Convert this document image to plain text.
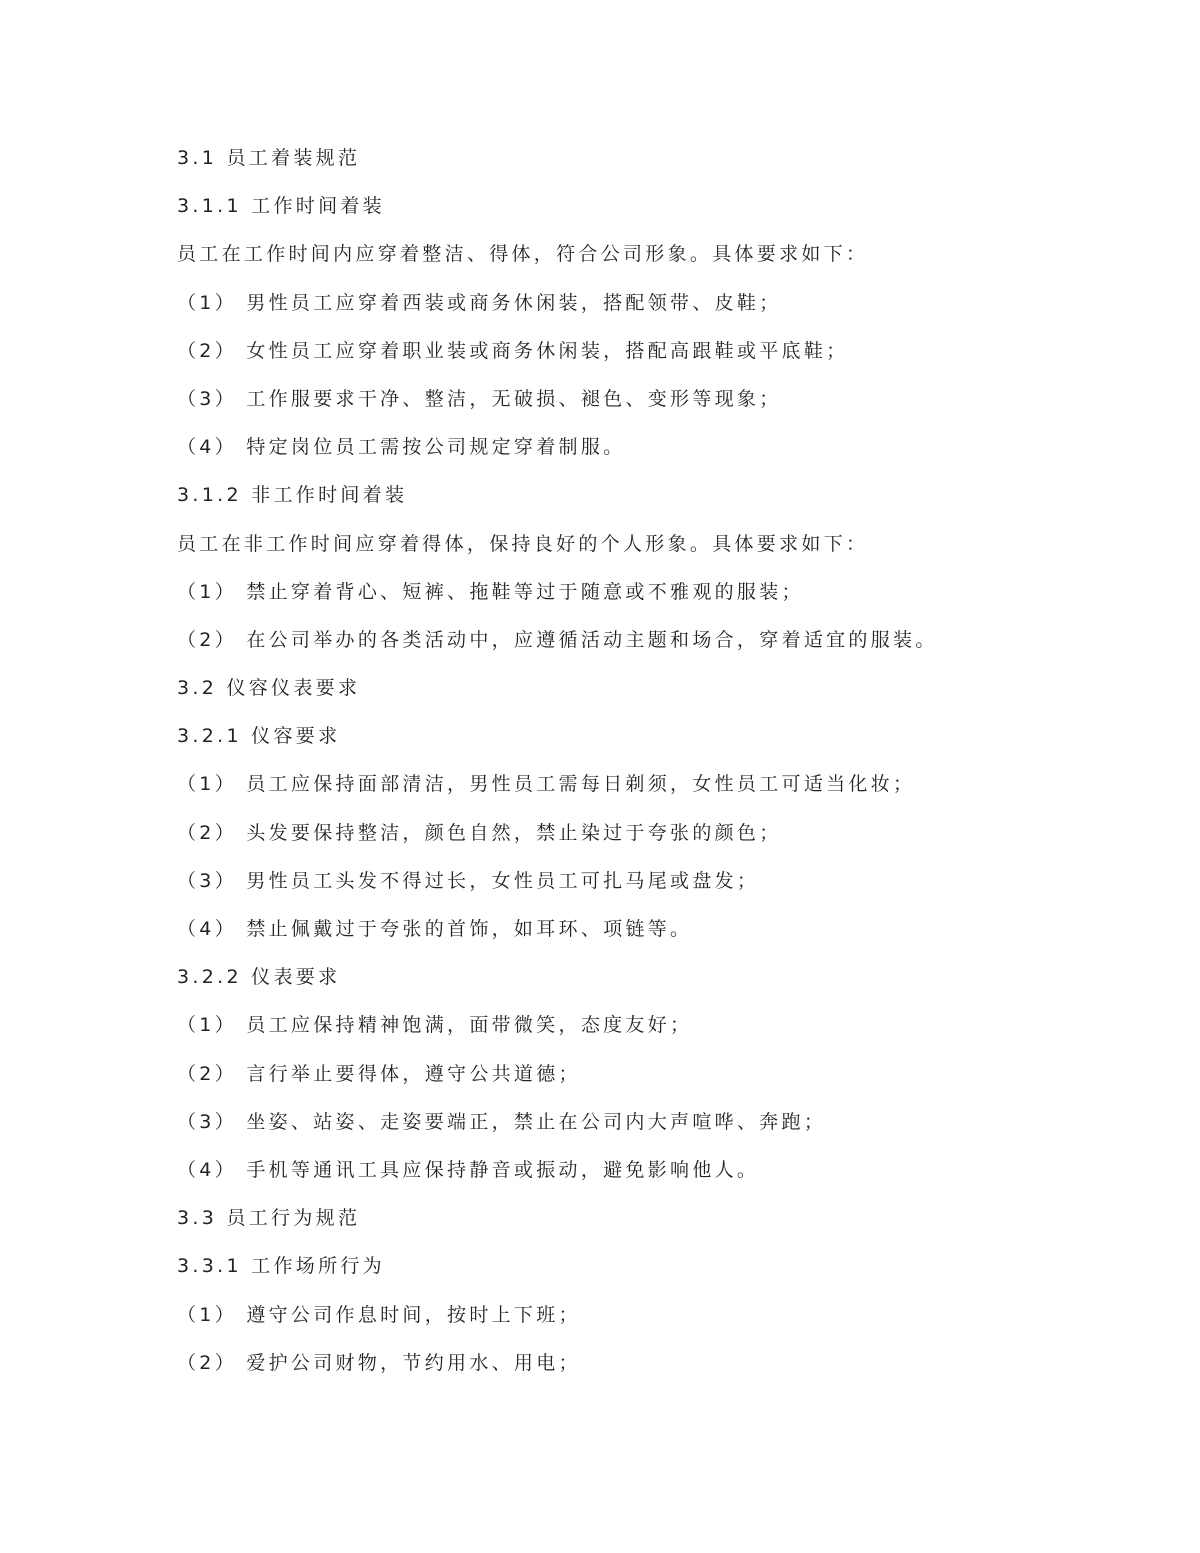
3.1 员工着装规范
3.1.1 工作时间着装
员工在工作时间内应穿着整洁、得体，符合公司形象。具体要求如下：
（1） 男性员工应穿着西装或商务休闲装，搭配领带、皮鞋；
（2） 女性员工应穿着职业装或商务休闲装，搭配高跟鞋或平底鞋；
（3） 工作服要求干净、整洁，无破损、褪色、变形等现象；
（4） 特定岗位员工需按公司规定穿着制服。
3.1.2 非工作时间着装
员工在非工作时间应穿着得体，保持良好的个人形象。具体要求如下：
（1） 禁止穿着背心、短裤、拖鞋等过于随意或不雅观的服装；
（2） 在公司举办的各类活动中，应遵循活动主题和场合，穿着适宜的服装。
3.2 仪容仪表要求
3.2.1 仪容要求
（1） 员工应保持面部清洁，男性员工需每日剃须，女性员工可适当化妆；
（2） 头发要保持整洁，颜色自然，禁止染过于夸张的颜色；
（3） 男性员工头发不得过长，女性员工可扎马尾或盘发；
（4） 禁止佩戴过于夸张的首饰，如耳环、项链等。
3.2.2 仪表要求
（1） 员工应保持精神饱满，面带微笑，态度友好；
（2） 言行举止要得体，遵守公共道德；
（3） 坐姿、站姿、走姿要端正，禁止在公司内大声喧哗、奔跑；
（4） 手机等通讯工具应保持静音或振动，避免影响他人。
3.3 员工行为规范
3.3.1 工作场所行为
（1） 遵守公司作息时间，按时上下班；
（2） 爱护公司财物，节约用水、用电；
